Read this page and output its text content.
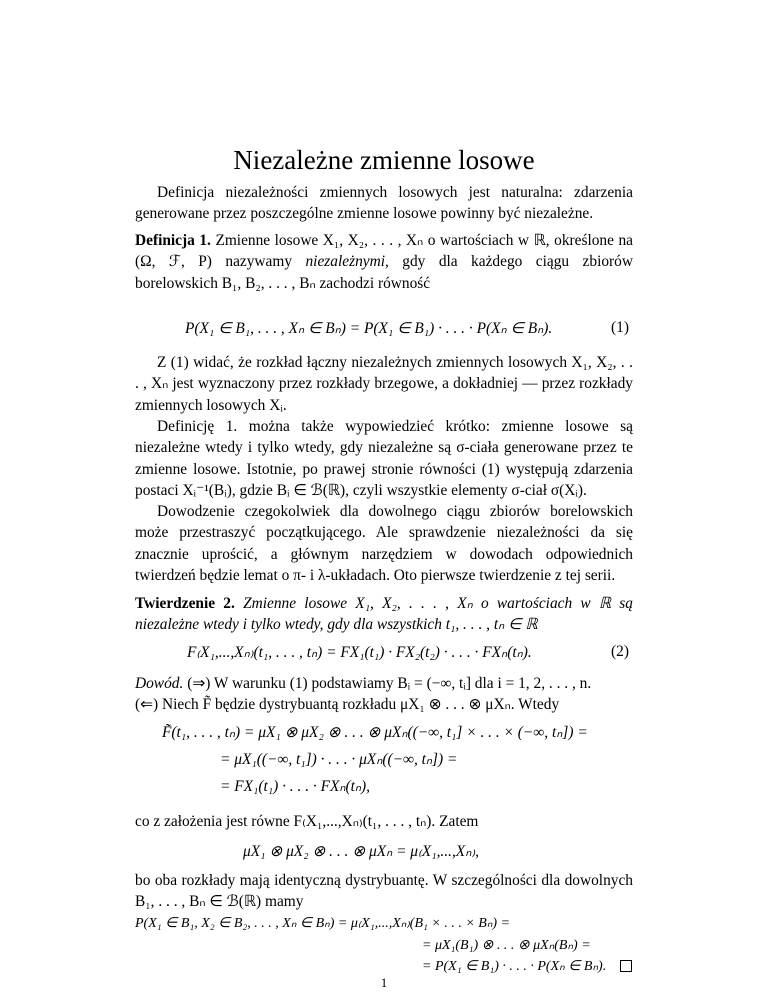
Niezależne zmienne losowe

Definicja niezależności zmiennych losowych jest naturalna: zdarzenia generowane przez poszczególne zmienne losowe powinny być niezależne.

Definicja 1. Zmienne losowe X₁, X₂, . . . , Xₙ o wartościach w ℝ, określone na (Ω, ℱ, P) nazywamy niezależnymi, gdy dla każdego ciągu zbiorów borelowskich B₁, B₂, . . . , Bₙ zachodzi równość

P(X₁ ∈ B₁, . . . , Xₙ ∈ Bₙ) = P(X₁ ∈ B₁) · . . . · P(Xₙ ∈ Bₙ).	(1)

Z (1) widać, że rozkład łączny niezależnych zmiennych losowych X₁, X₂, . . . , Xₙ jest wyznaczony przez rozkłady brzegowe, a dokładniej — przez rozkłady zmiennych losowych Xᵢ.

Definicję 1. można także wypowiedzieć krótko: zmienne losowe są niezależne wtedy i tylko wtedy, gdy niezależne są σ-ciała generowane przez te zmienne losowe. Istotnie, po prawej stronie równości (1) występują zdarzenia postaci Xᵢ⁻¹(Bᵢ), gdzie Bᵢ ∈ ℬ(ℝ), czyli wszystkie elementy σ-ciał σ(Xᵢ).

Dowodzenie czegokolwiek dla dowolnego ciągu zbiorów borelowskich może przestraszyć początkującego. Ale sprawdzenie niezależności da się znacznie uprościć, a głównym narzędziem w dowodach odpowiednich twierdzeń będzie lemat o π- i λ-układach. Oto pierwsze twierdzenie z tej serii.

Twierdzenie 2. Zmienne losowe X₁, X₂, . . . , Xₙ o wartościach w ℝ są niezależne wtedy i tylko wtedy, gdy dla wszystkich t₁, . . . , tₙ ∈ ℝ

F₍X₁,...,Xₙ₎(t₁, . . . , tₙ) = FX₁(t₁) · FX₂(t₂) · . . . · FXₙ(tₙ).	(2)

Dowód. (⇒) W warunku (1) podstawiamy Bᵢ = (−∞, tᵢ] dla i = 1, 2, . . . , n.

(⇐) Niech F̃ będzie dystrybuantą rozkładu μX₁ ⊗ . . . ⊗ μXₙ. Wtedy

F̃(t₁, . . . , tₙ) = μX₁ ⊗ μX₂ ⊗ . . . ⊗ μXₙ((−∞, t₁] × . . . × (−∞, tₙ]) =
= μX₁((−∞, t₁]) · . . . · μXₙ((−∞, tₙ]) =
= FX₁(t₁) · . . . · FXₙ(tₙ),

co z założenia jest równe F₍X₁,...,Xₙ₎(t₁, . . . , tₙ). Zatem

μX₁ ⊗ μX₂ ⊗ . . . ⊗ μXₙ = μ₍X₁,...,Xₙ₎,

bo oba rozkłady mają identyczną dystrybuantę. W szczególności dla dowolnych B₁, . . . , Bₙ ∈ ℬ(ℝ) mamy

P(X₁ ∈ B₁, X₂ ∈ B₂, . . . , Xₙ ∈ Bₙ) = μ₍X₁,...,Xₙ₎(B₁ × . . . × Bₙ) =
= μX₁(B₁) ⊗ . . . ⊗ μXₙ(Bₙ) =
= P(X₁ ∈ B₁) · . . . · P(Xₙ ∈ Bₙ).
1
